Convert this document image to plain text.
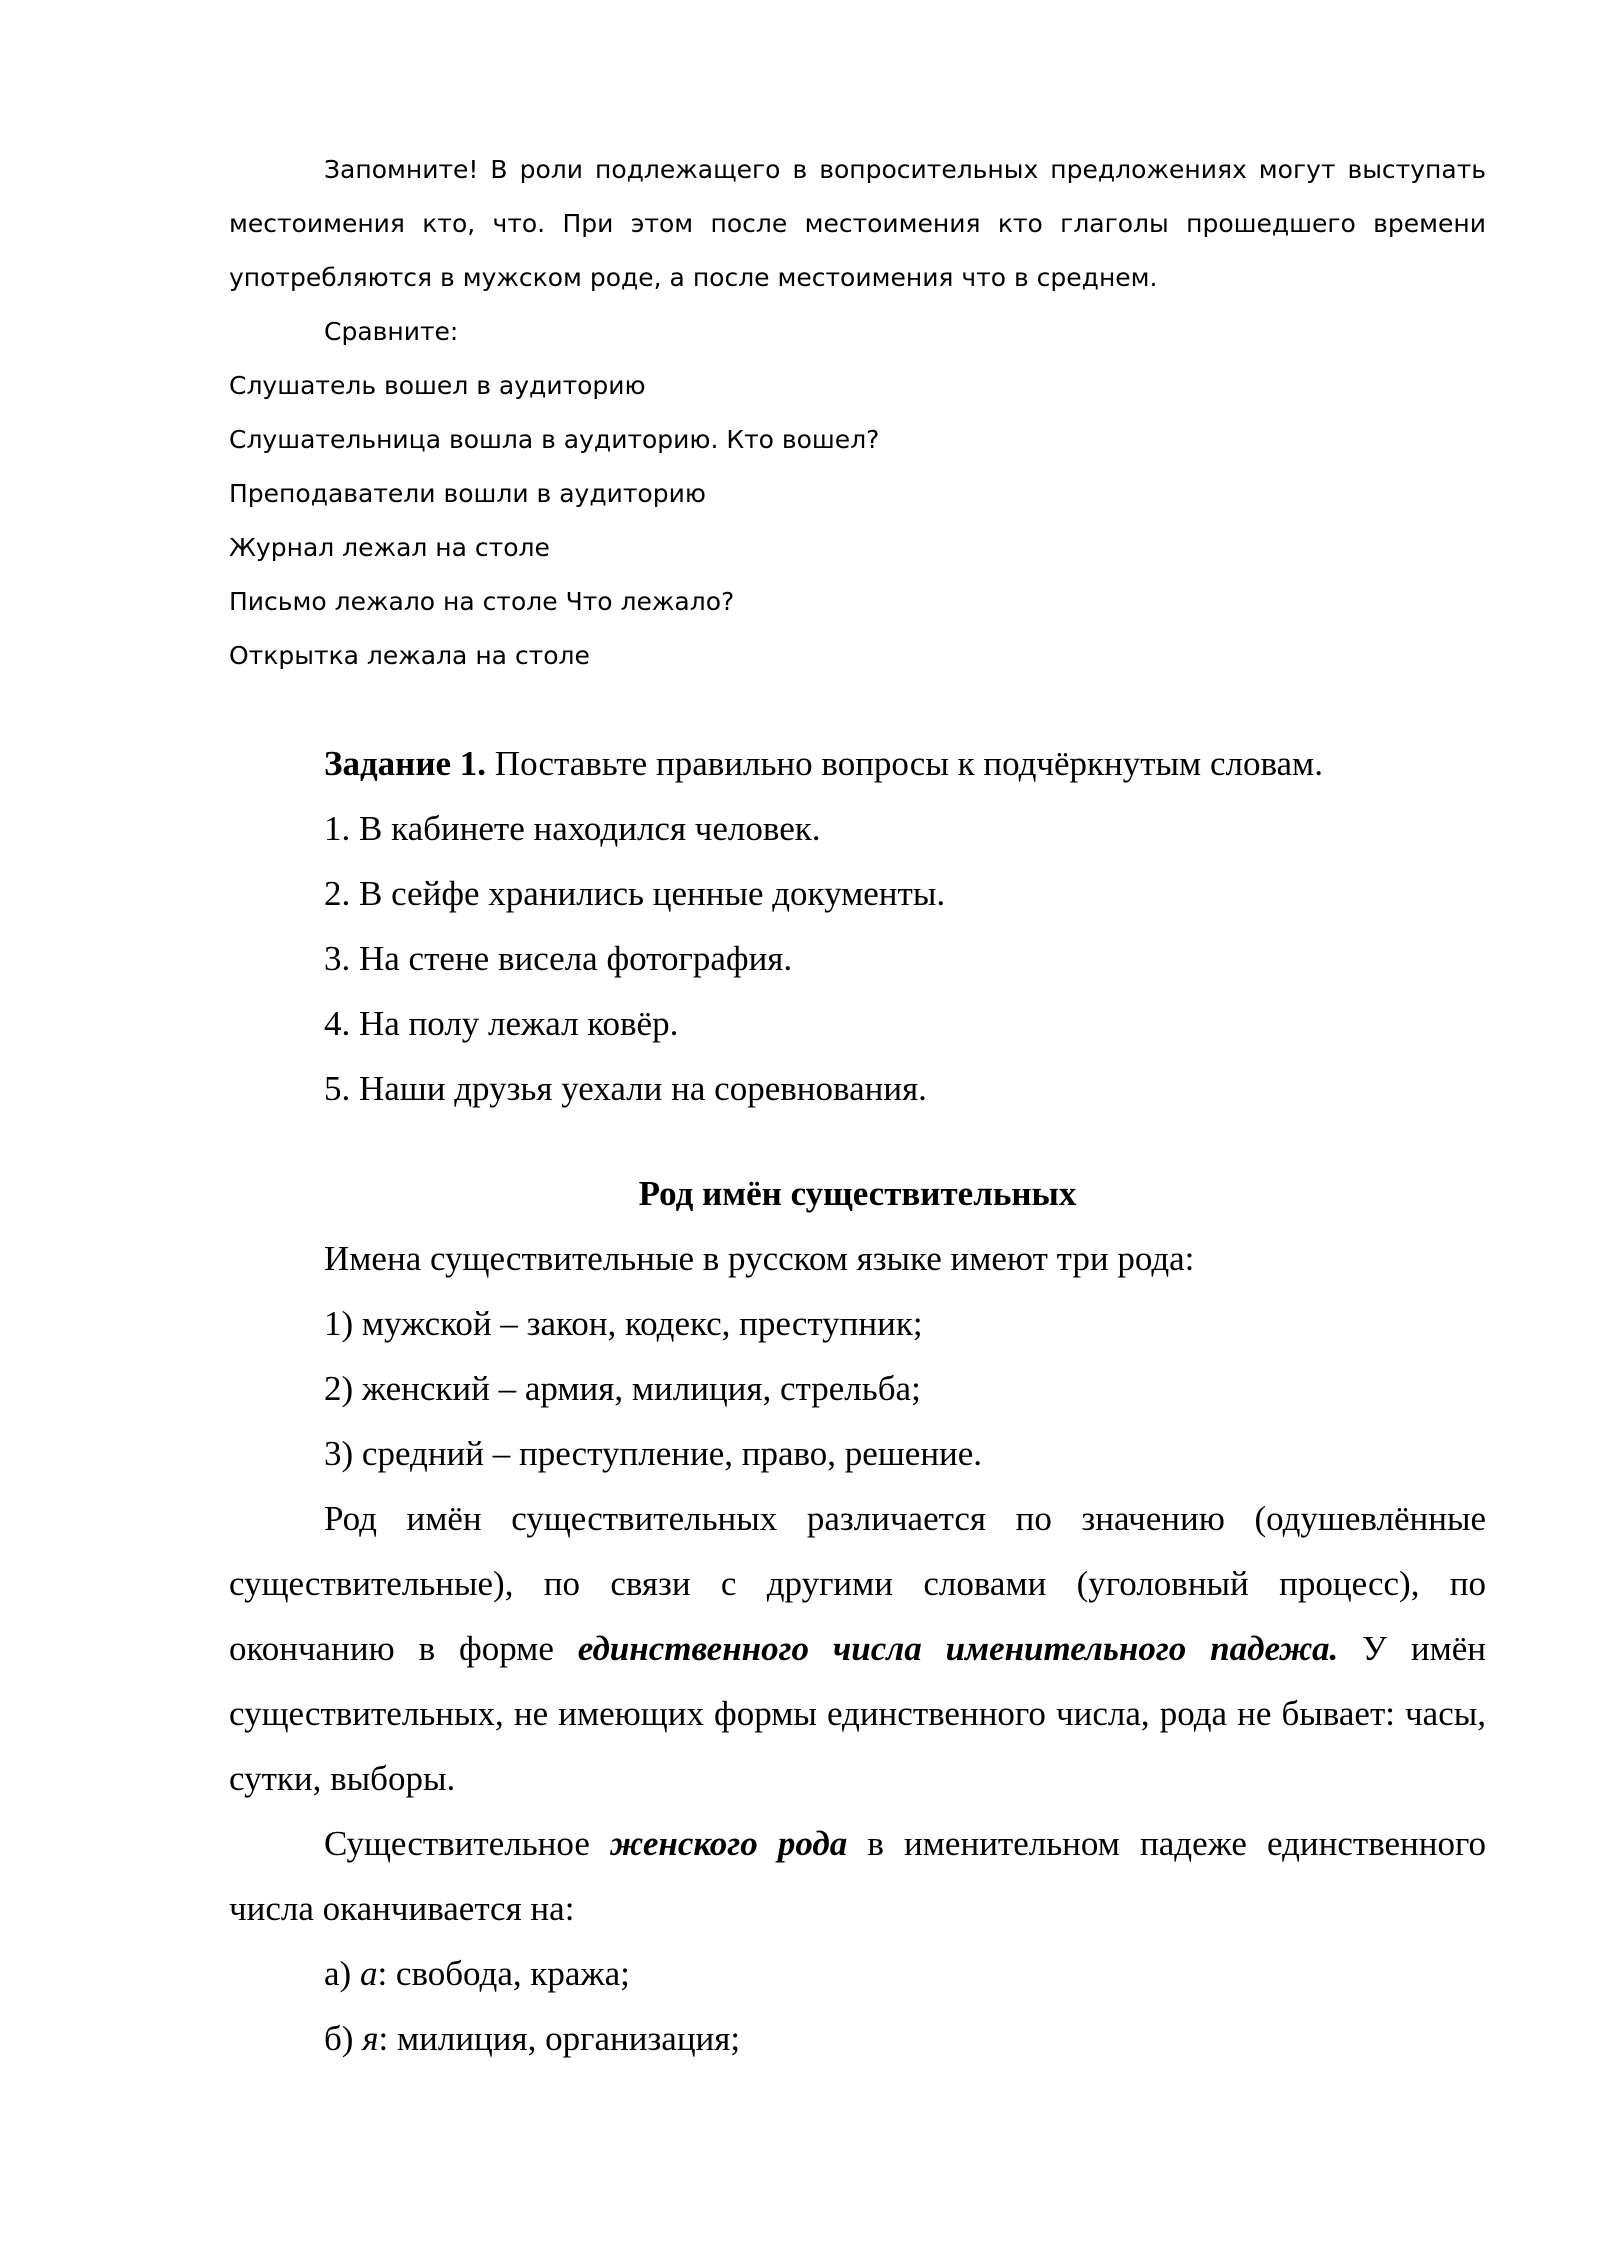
Запомните! В роли подлежащего в вопросительных предложениях могут выступать местоимения кто, что. При этом после местоимения кто глаголы прошедшего времени употребляются в мужском роде, а после местоимения что в среднем.

Сравните:

Слушатель вошел в аудиторию

Слушательница вошла в аудиторию. Кто вошел?

Преподаватели вошли в аудиторию

Журнал лежал на столе

Письмо лежало на столе Что лежало?

Открытка лежала на столе

Задание 1. Поставьте правильно вопросы к подчёркнутым словам.

1. В кабинете находился человек.

2. В сейфе хранились ценные документы.

3. На стене висела фотография.

4. На полу лежал ковёр.

5. Наши друзья уехали на соревнования.

Род имён существительных

Имена существительные в русском языке имеют три рода:

1) мужской – закон, кодекс, преступник;

2) женский – армия, милиция, стрельба;

3) средний – преступление, право, решение.

Род имён существительных различается по значению (одушевлённые существительные), по связи с другими словами (уголовный процесс), по окончанию в форме единственного числа именительного падежа. У имён существительных, не имеющих формы единственного числа, рода не бывает: часы, сутки, выборы.

Существительное женского рода в именительном падеже единственного числа оканчивается на:

а) а: свобода, кража;

б) я: милиция, организация;
